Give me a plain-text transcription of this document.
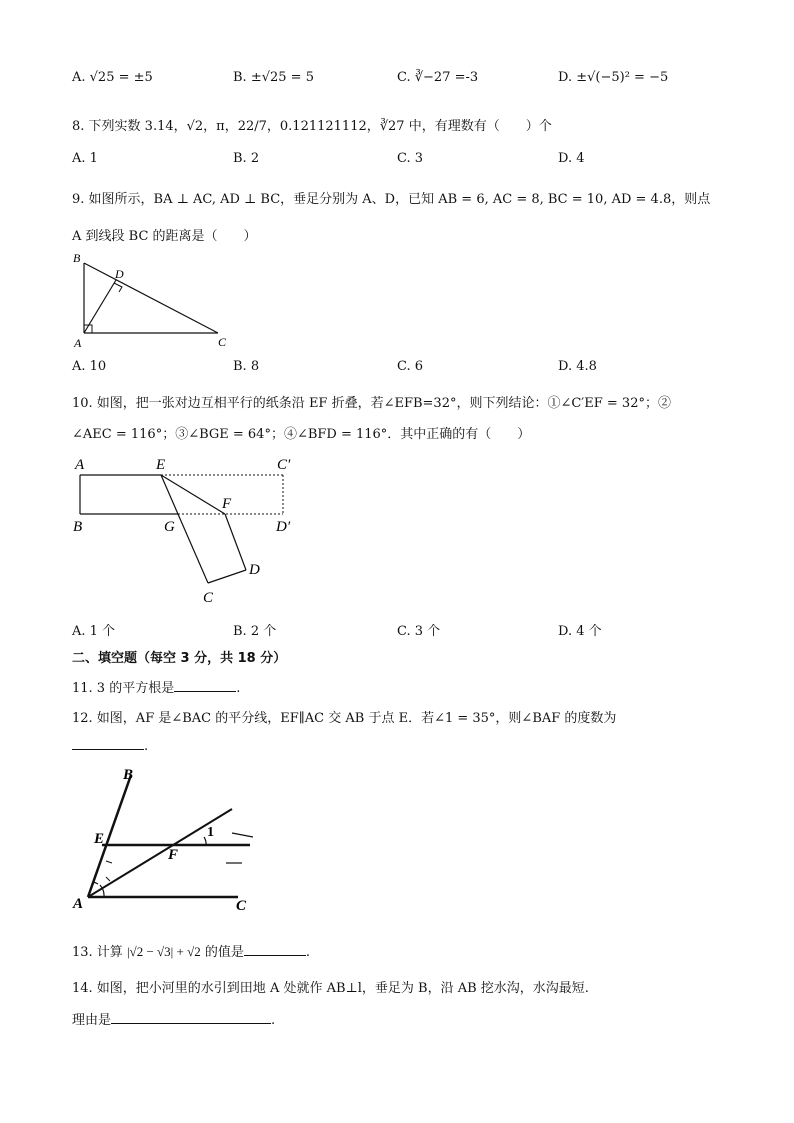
A. √25 = ±5	B. ±√25 = 5	C. ∛−27 =-3	D. ±√(−5)² = −5
8. 下列实数 3.14，√2，π，22/7，0.121121112，∛27 中，有理数有（　　）个
A. 1	B. 2	C. 3	D. 4
9. 如图所示，BA ⊥ AC, AD ⊥ BC，垂足分别为 A、D，已知 AB = 6, AC = 8, BC = 10, AD = 4.8，则点
A 到线段 BC 的距离是（　　）
B
D
A	C
A. 10	B. 8	C. 6	D. 4.8
10. 如图，把一张对边互相平行的纸条沿 EF 折叠，若∠EFB=32°，则下列结论：①∠C′EF = 32°；②
∠AEC = 116°；③∠BGE = 64°；④∠BFD = 116°．其中正确的有（　　）
A	E	C′
F
B	G	D′
D
C
A. 1 个	B. 2 个	C. 3 个	D. 4 个
二、填空题（每空 3 分，共 18 分）
11. 3 的平方根是	.
12. 如图，AF 是∠BAC 的平分线，EF∥AC 交 AB 于点 E．若∠1 = 35°，则∠BAF 的度数为
.
B
E
F
1
A	C
13. 计算 |√2 − √3| + √2 的值是	.
14. 如图，把小河里的水引到田地 A 处就作 AB⊥l，垂足为 B，沿 AB 挖水沟，水沟最短.
理由是	.
